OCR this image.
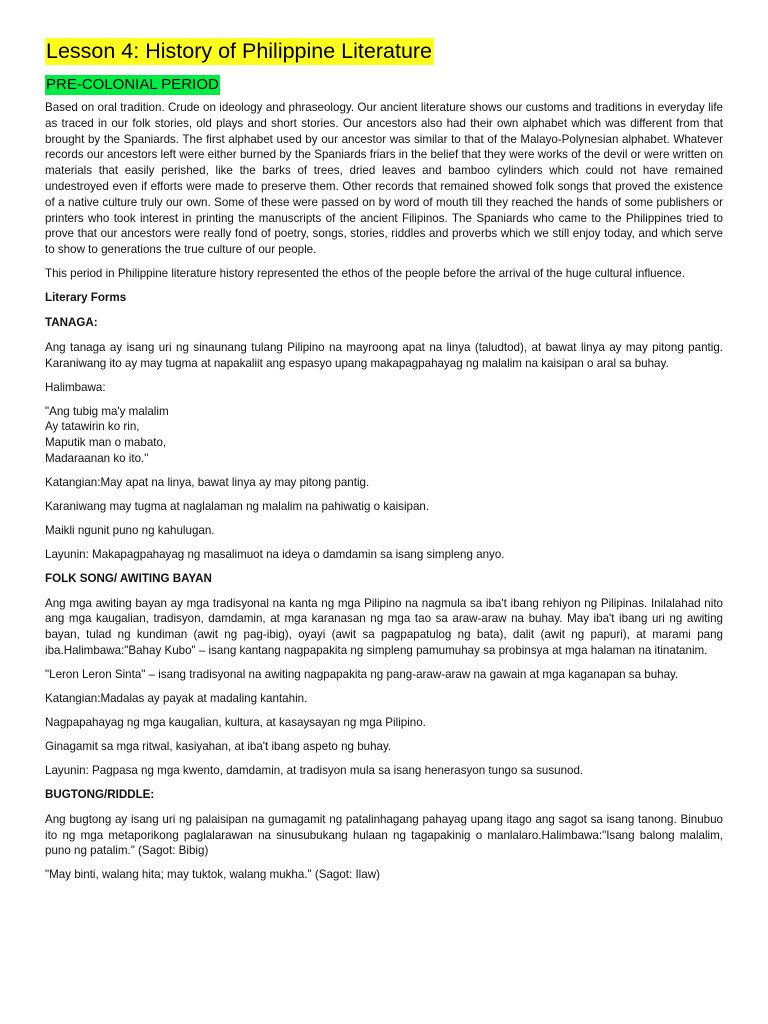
Lesson 4: History of Philippine Literature
PRE-COLONIAL PERIOD

Based on oral tradition. Crude on ideology and phraseology. Our ancient literature shows our customs and traditions in everyday life as traced in our folk stories, old plays and short stories. Our ancestors also had their own alphabet which was different from that brought by the Spaniards. The first alphabet used by our ancestor was similar to that of the Malayo-Polynesian alphabet. Whatever records our ancestors left were either burned by the Spaniards friars in the belief that they were works of the devil or were written on materials that easily perished, like the barks of trees, dried leaves and bamboo cylinders which could not have remained undestroyed even if efforts were made to preserve them. Other records that remained showed folk songs that proved the existence of a native culture truly our own. Some of these were passed on by word of mouth till they reached the hands of some publishers or printers who took interest in printing the manuscripts of the ancient Filipinos. The Spaniards who came to the Philippines tried to prove that our ancestors were really fond of poetry, songs, stories, riddles and proverbs which we still enjoy today, and which serve to show to generations the true culture of our people.

This period in Philippine literature history represented the ethos of the people before the arrival of the huge cultural influence.

Literary Forms

TANAGA:

Ang tanaga ay isang uri ng sinaunang tulang Pilipino na mayroong apat na linya (taludtod), at bawat linya ay may pitong pantig. Karaniwang ito ay may tugma at napakaliit ang espasyo upang makapagpahayag ng malalim na kaisipan o aral sa buhay.

Halimbawa:

"Ang tubig ma'y malalim
Ay tatawirin ko rin,
Maputik man o mabato,
Madaraanan ko ito."

Katangian:May apat na linya, bawat linya ay may pitong pantig.

Karaniwang may tugma at naglalaman ng malalim na pahiwatig o kaisipan.

Maikli ngunit puno ng kahulugan.

Layunin: Makapagpahayag ng masalimuot na ideya o damdamin sa isang simpleng anyo.

FOLK SONG/ AWITING BAYAN

Ang mga awiting bayan ay mga tradisyonal na kanta ng mga Pilipino na nagmula sa iba't ibang rehiyon ng Pilipinas. Inilalahad nito ang mga kaugalian, tradisyon, damdamin, at mga karanasan ng mga tao sa araw-araw na buhay. May iba't ibang uri ng awiting bayan, tulad ng kundiman (awit ng pag-ibig), oyayi (awit sa pagpapatulog ng bata), dalit (awit ng papuri), at marami pang iba.Halimbawa:"Bahay Kubo" – isang kantang nagpapakita ng simpleng pamumuhay sa probinsya at mga halaman na itinatanim.

"Leron Leron Sinta" – isang tradisyonal na awiting nagpapakita ng pang-araw-araw na gawain at mga kaganapan sa buhay.

Katangian:Madalas ay payak at madaling kantahin.

Nagpapahayag ng mga kaugalian, kultura, at kasaysayan ng mga Pilipino.

Ginagamit sa mga ritwal, kasiyahan, at iba't ibang aspeto ng buhay.

Layunin: Pagpasa ng mga kwento, damdamin, at tradisyon mula sa isang henerasyon tungo sa susunod.

BUGTONG/RIDDLE:

Ang bugtong ay isang uri ng palaisipan na gumagamit ng patalinhagang pahayag upang itago ang sagot sa isang tanong. Binubuo ito ng mga metaporikong paglalarawan na sinusubukang hulaan ng tagapakinig o manlalaro.Halimbawa:"Isang balong malalim, puno ng patalim." (Sagot: Bibig)

"May binti, walang hita; may tuktok, walang mukha." (Sagot: Ilaw)
